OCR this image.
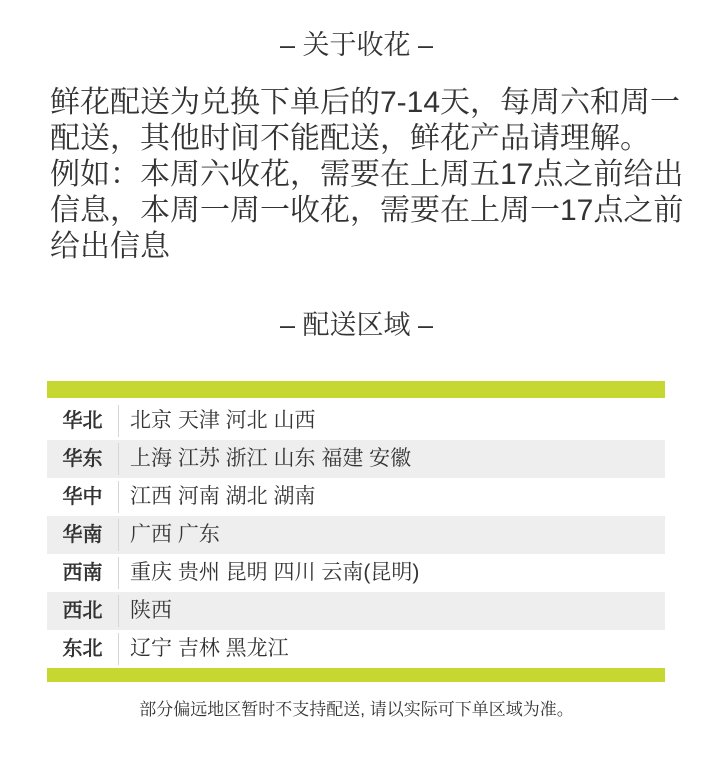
– 关于收花 –
鲜花配送为兑换下单后的7-14天，每周六和周一
配送，其他时间不能配送，鲜花产品请理解。
例如：本周六收花，需要在上周五17点之前给出
信息，本周一周一收花，需要在上周一17点之前
给出信息
– 配送区域 –
华北	北京 天津 河北 山西
华东	上海 江苏 浙江 山东 福建 安徽
华中	江西 河南 湖北 湖南
华南	广西 广东
西南	重庆 贵州 昆明 四川 云南(昆明)
西北	陕西
东北	辽宁 吉林 黑龙江
部分偏远地区暂时不支持配送, 请以实际可下单区域为准。
